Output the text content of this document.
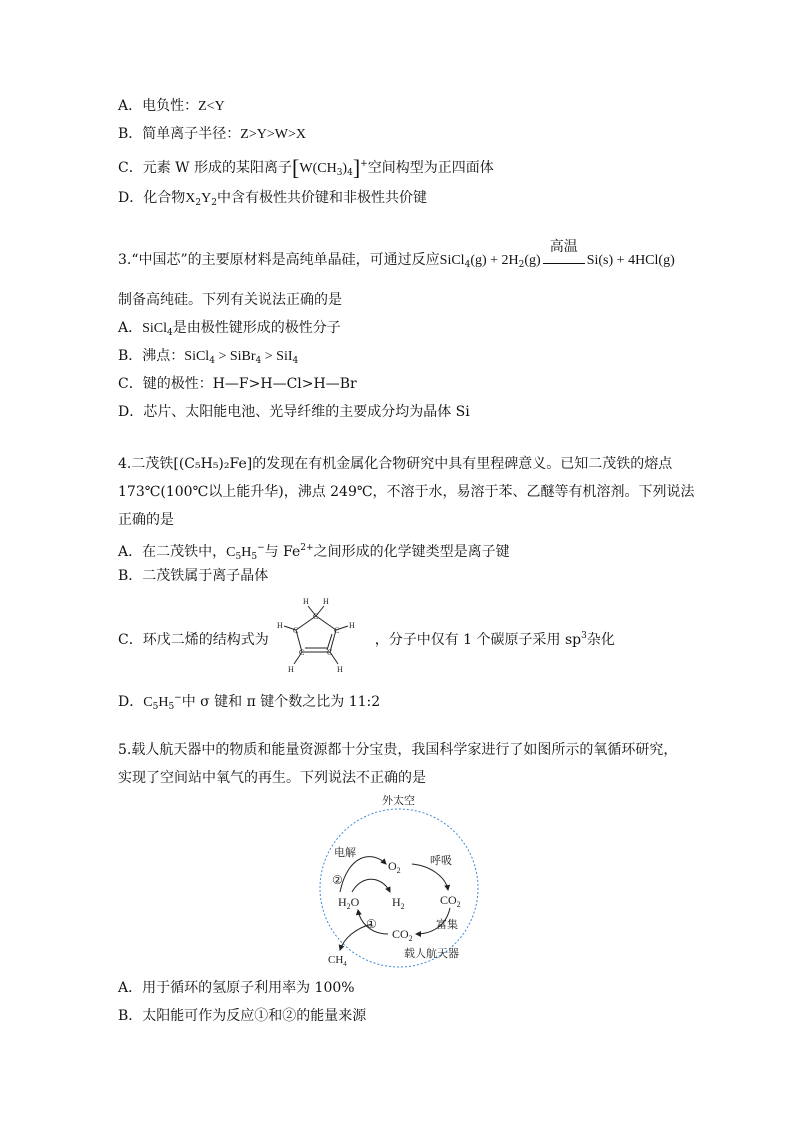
A．电负性：Z<Y
B．简单离子半径：Z>Y>W>X
C．元素 W 形成的某阳离子$[W(CH_3)_4]^+$空间构型为正四面体
D．化合物$X_2Y_2$中含有极性共价键和非极性共价键
3.“中国芯”的主要原材料是高纯单晶硅，可通过反应SiCl$_4$(g) + $2H_2(g)$
高温
Si(s) + 4HCl(g)
制备高纯硅。下列有关说法正确的是
A．SiCl$_4$是由极性键形成的极性分子
B．沸点：SiCl$_4$ > SiBr$_4$ > SiI$_4$
C．键的极性：H—F>H—Cl>H—Br
D．芯片、太阳能电池、光导纤维的主要成分均为晶体 Si
4.二茂铁[(C₅H₅)₂Fe]的发现在有机金属化合物研究中具有里程碑意义。已知二茂铁的熔点
173℃(100℃以上能升华)，沸点 249℃，不溶于水，易溶于苯、乙醚等有机溶剂。下列说法
正确的是
A．在二茂铁中，$C_5H_5^-$与 $Fe^{2+}$之间形成的化学键类型是离子键
B．二茂铁属于离子晶体
C．环戊二烯的结构式为	，分子中仅有 1 个碳原子采用 $sp^3$杂化
C
C
C
C
C
H H
H
H
H
H
D．$C_5H_5^-$中 σ 键和 π 键个数之比为 11:2
5.载人航天器中的物质和能量资源都十分宝贵，我国科学家进行了如图所示的氧循环研究，
实现了空间站中氧气的再生。下列说法不正确的是
外太空
电解
$O_2$
呼吸
②
$H_2O$	$H_2$	$CO_2$
①	富集
$CO_2$
$CH_4$
载人航天器
A．用于循环的氢原子利用率为 100%
B．太阳能可作为反应①和②的能量来源
